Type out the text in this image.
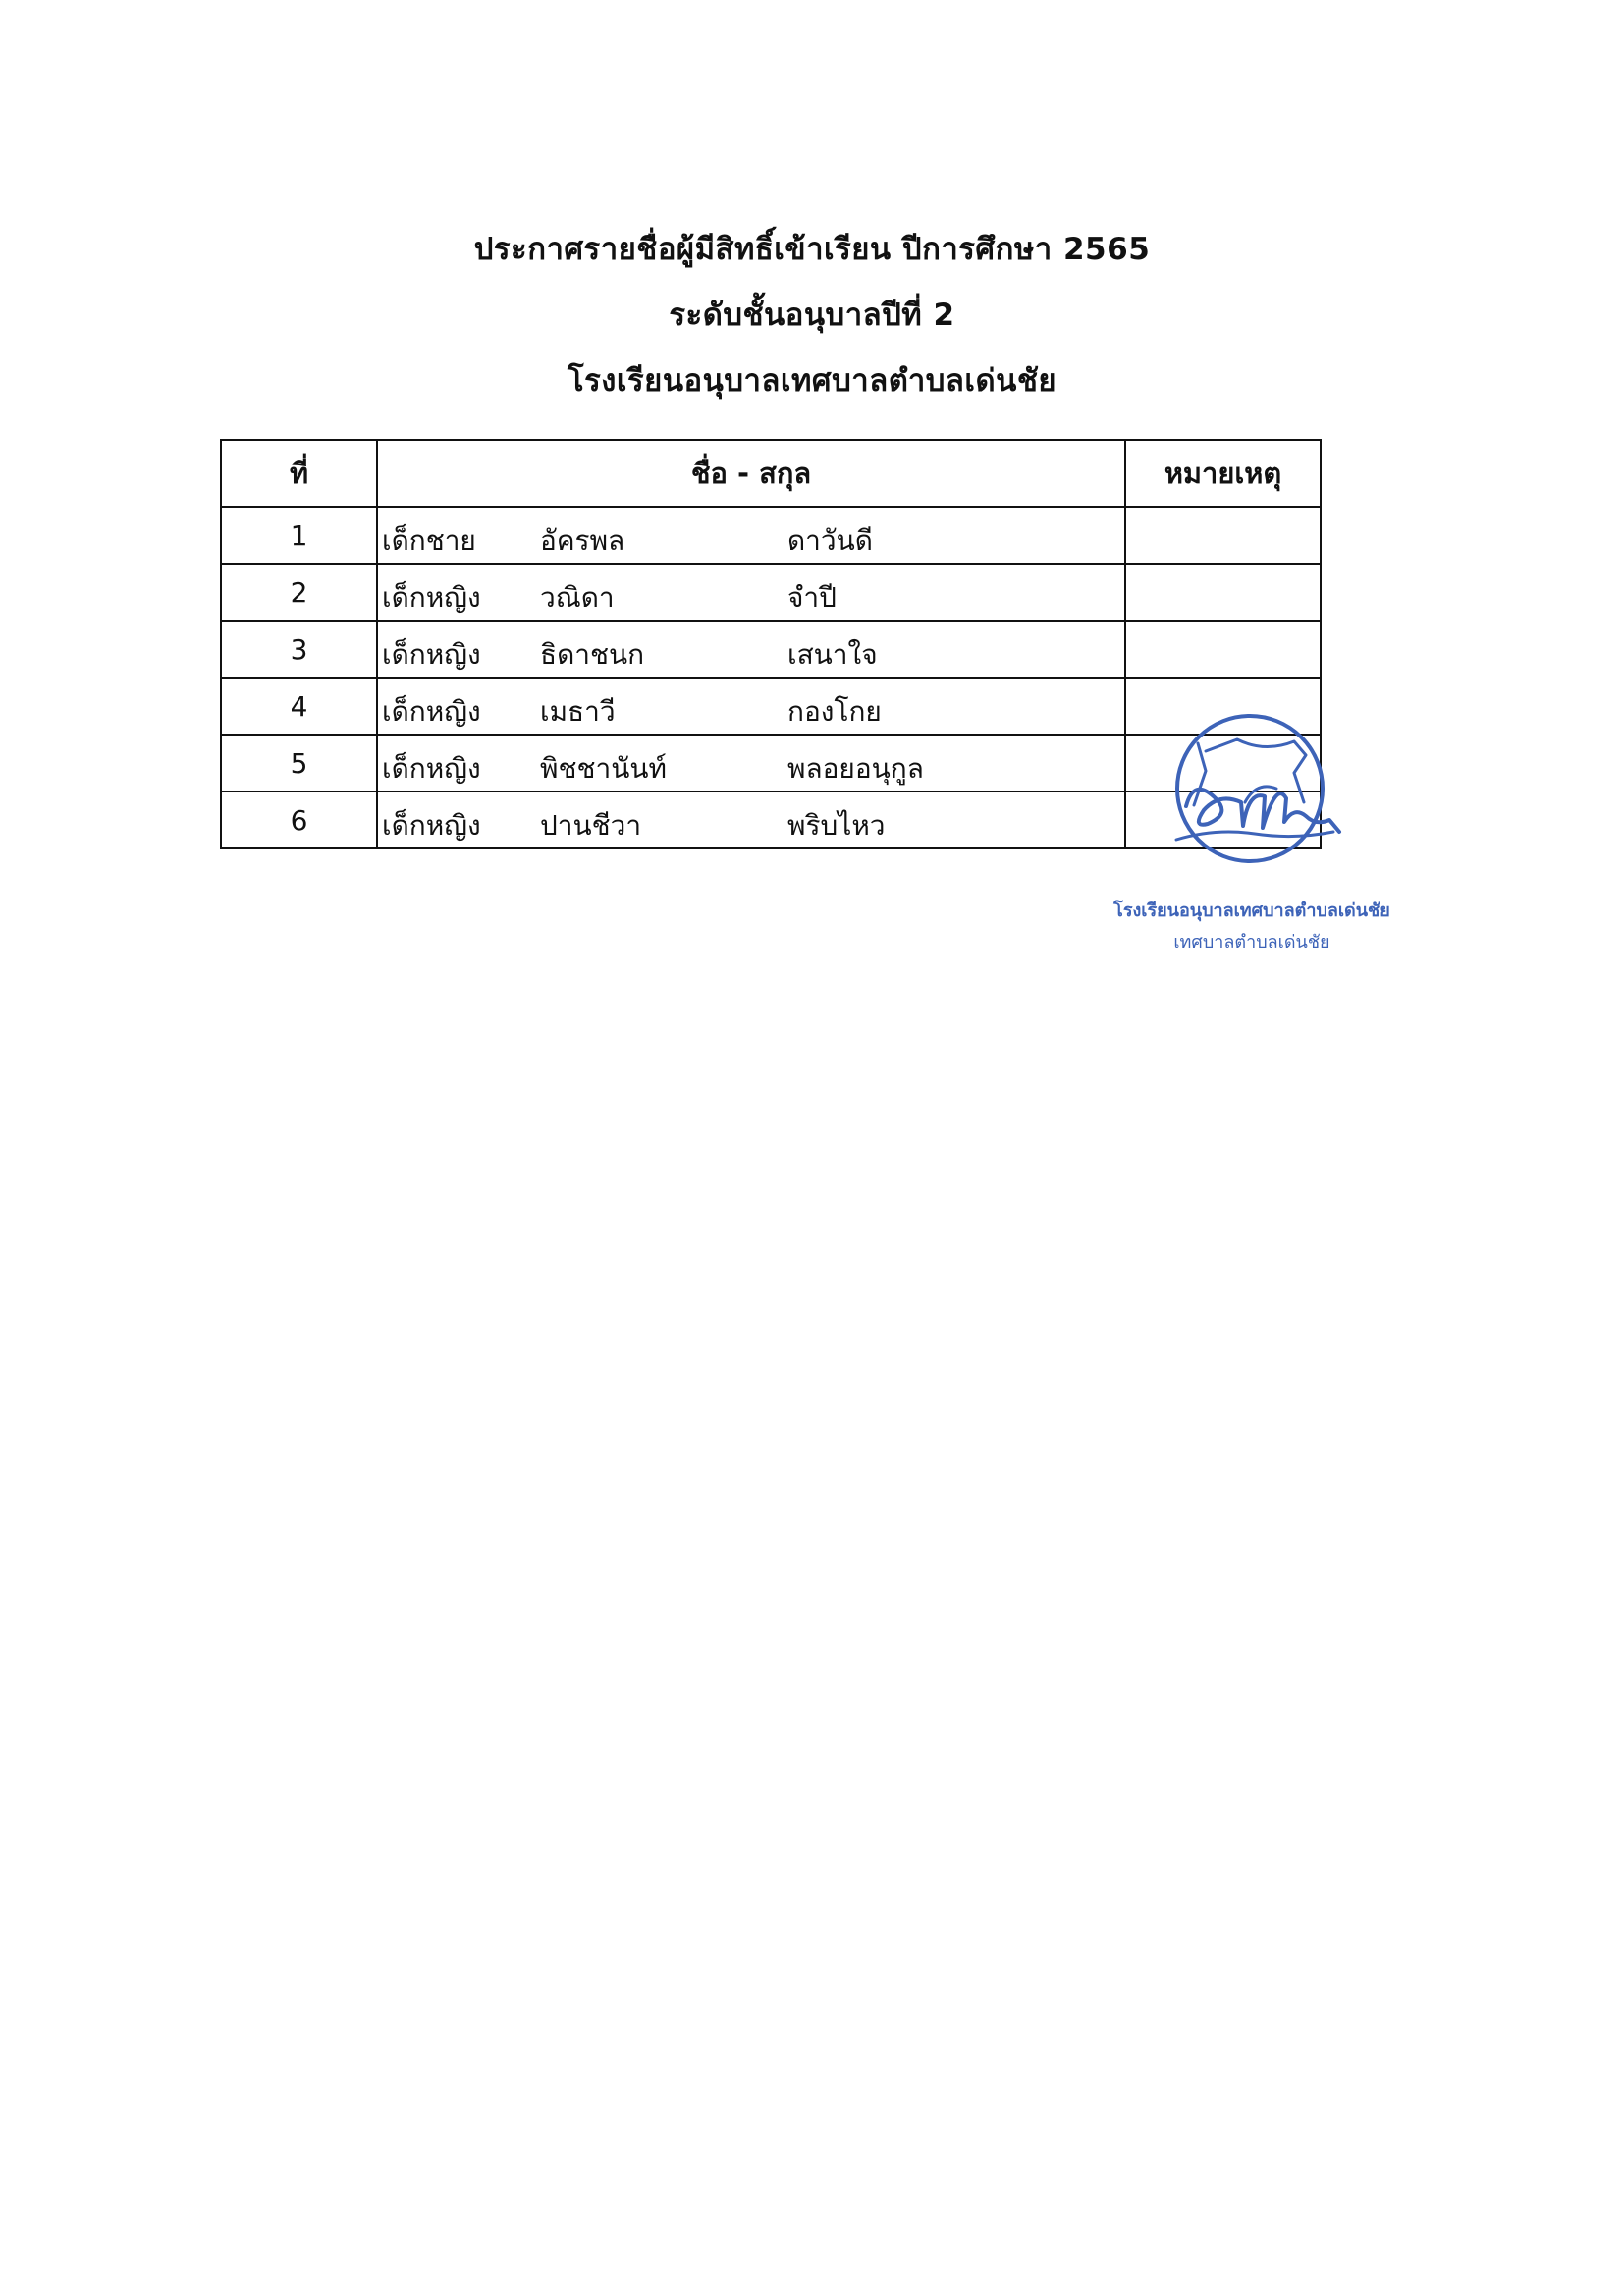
ประกาศรายชื่อผู้มีสิทธิ์เข้าเรียน ปีการศึกษา 2565
ระดับชั้นอนุบาลปีที่ 2
โรงเรียนอนุบาลเทศบาลตำบลเด่นชัย
ที่	ชื่อ - สกุล	หมายเหตุ
1	เด็กชาย อัครพล ดาวันดี	

2	เด็กหญิง วณิดา จำปี	

3	เด็กหญิง ธิดาชนก เสนาใจ	

4	เด็กหญิง เมธาวี กองโกย	

5	เด็กหญิง พิชชานันท์ พลอยอนุกูล	

6	เด็กหญิง ปานชีวา พริบไหว	

โรงเรียนอนุบาลเทศบาลตำบลเด่นชัย
เทศบาลตำบลเด่นชัย
